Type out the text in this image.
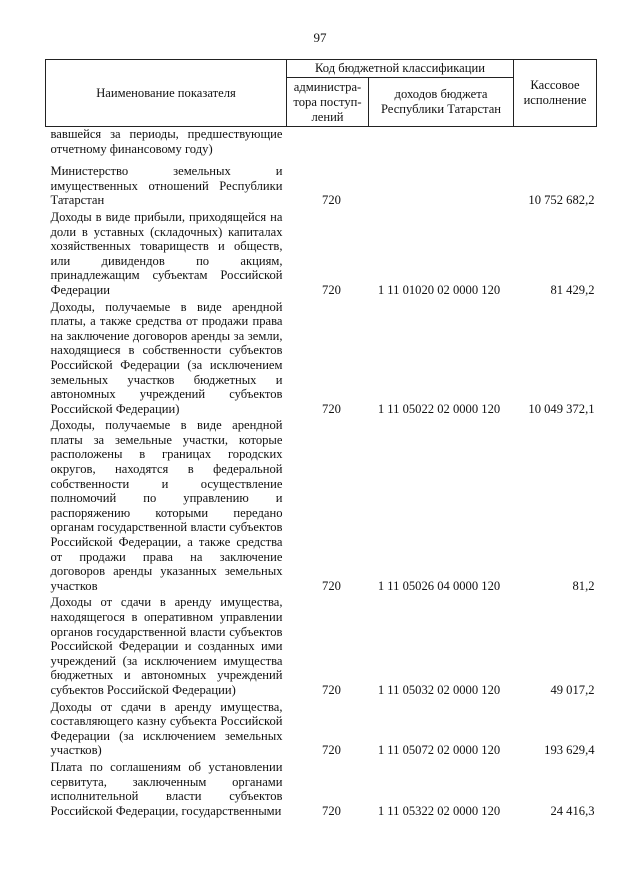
97
Наименование показателя	Код бюджетной классификации		Кассовое исполнение
	администра-тора поступ-лений	доходов бюджета Республики Татарстан	
вавшейся за периоды, предшествующие отчетному финансовому году)			
Министерство земельных и имущественных отношений Республики Татарстан	720		10 752 682,2
Доходы в виде прибыли, приходящейся на доли в уставных (складочных) капиталах хозяйственных товариществ и обществ, или дивидендов по акциям, принадлежащим субъектам Российской Федерации	720	1 11 01020 02 0000 120	81 429,2
Доходы, получаемые в виде арендной платы, а также средства от продажи права на заключение договоров аренды за земли, находящиеся в собственности субъектов Российской Федерации (за исключением земельных участков бюджетных и автономных учреждений субъектов Российской Федерации)	720	1 11 05022 02 0000 120	10 049 372,1
Доходы, получаемые в виде арендной платы за земельные участки, которые расположены в границах городских округов, находятся в федеральной собственности и осуществление полномочий по управлению и распоряжению которыми передано органам государственной власти субъектов Российской Федерации, а также средства от продажи права на заключение договоров аренды указанных земельных участков	720	1 11 05026 04 0000 120	81,2
Доходы от сдачи в аренду имущества, находящегося в оперативном управлении органов государственной власти субъектов Российской Федерации и созданных ими учреждений (за исключением имущества бюджетных и автономных учреждений субъектов Российской Федерации)	720	1 11 05032 02 0000 120	49 017,2
Доходы от сдачи в аренду имущества, составляющего казну субъекта Российской Федерации (за исключением земельных участков)	720	1 11 05072 02 0000 120	193 629,4
Плата по соглашениям об установлении сервитута, заключенным органами исполнительной власти субъектов Российской Федерации, государственными	720	1 11 05322 02 0000 120	24 416,3
